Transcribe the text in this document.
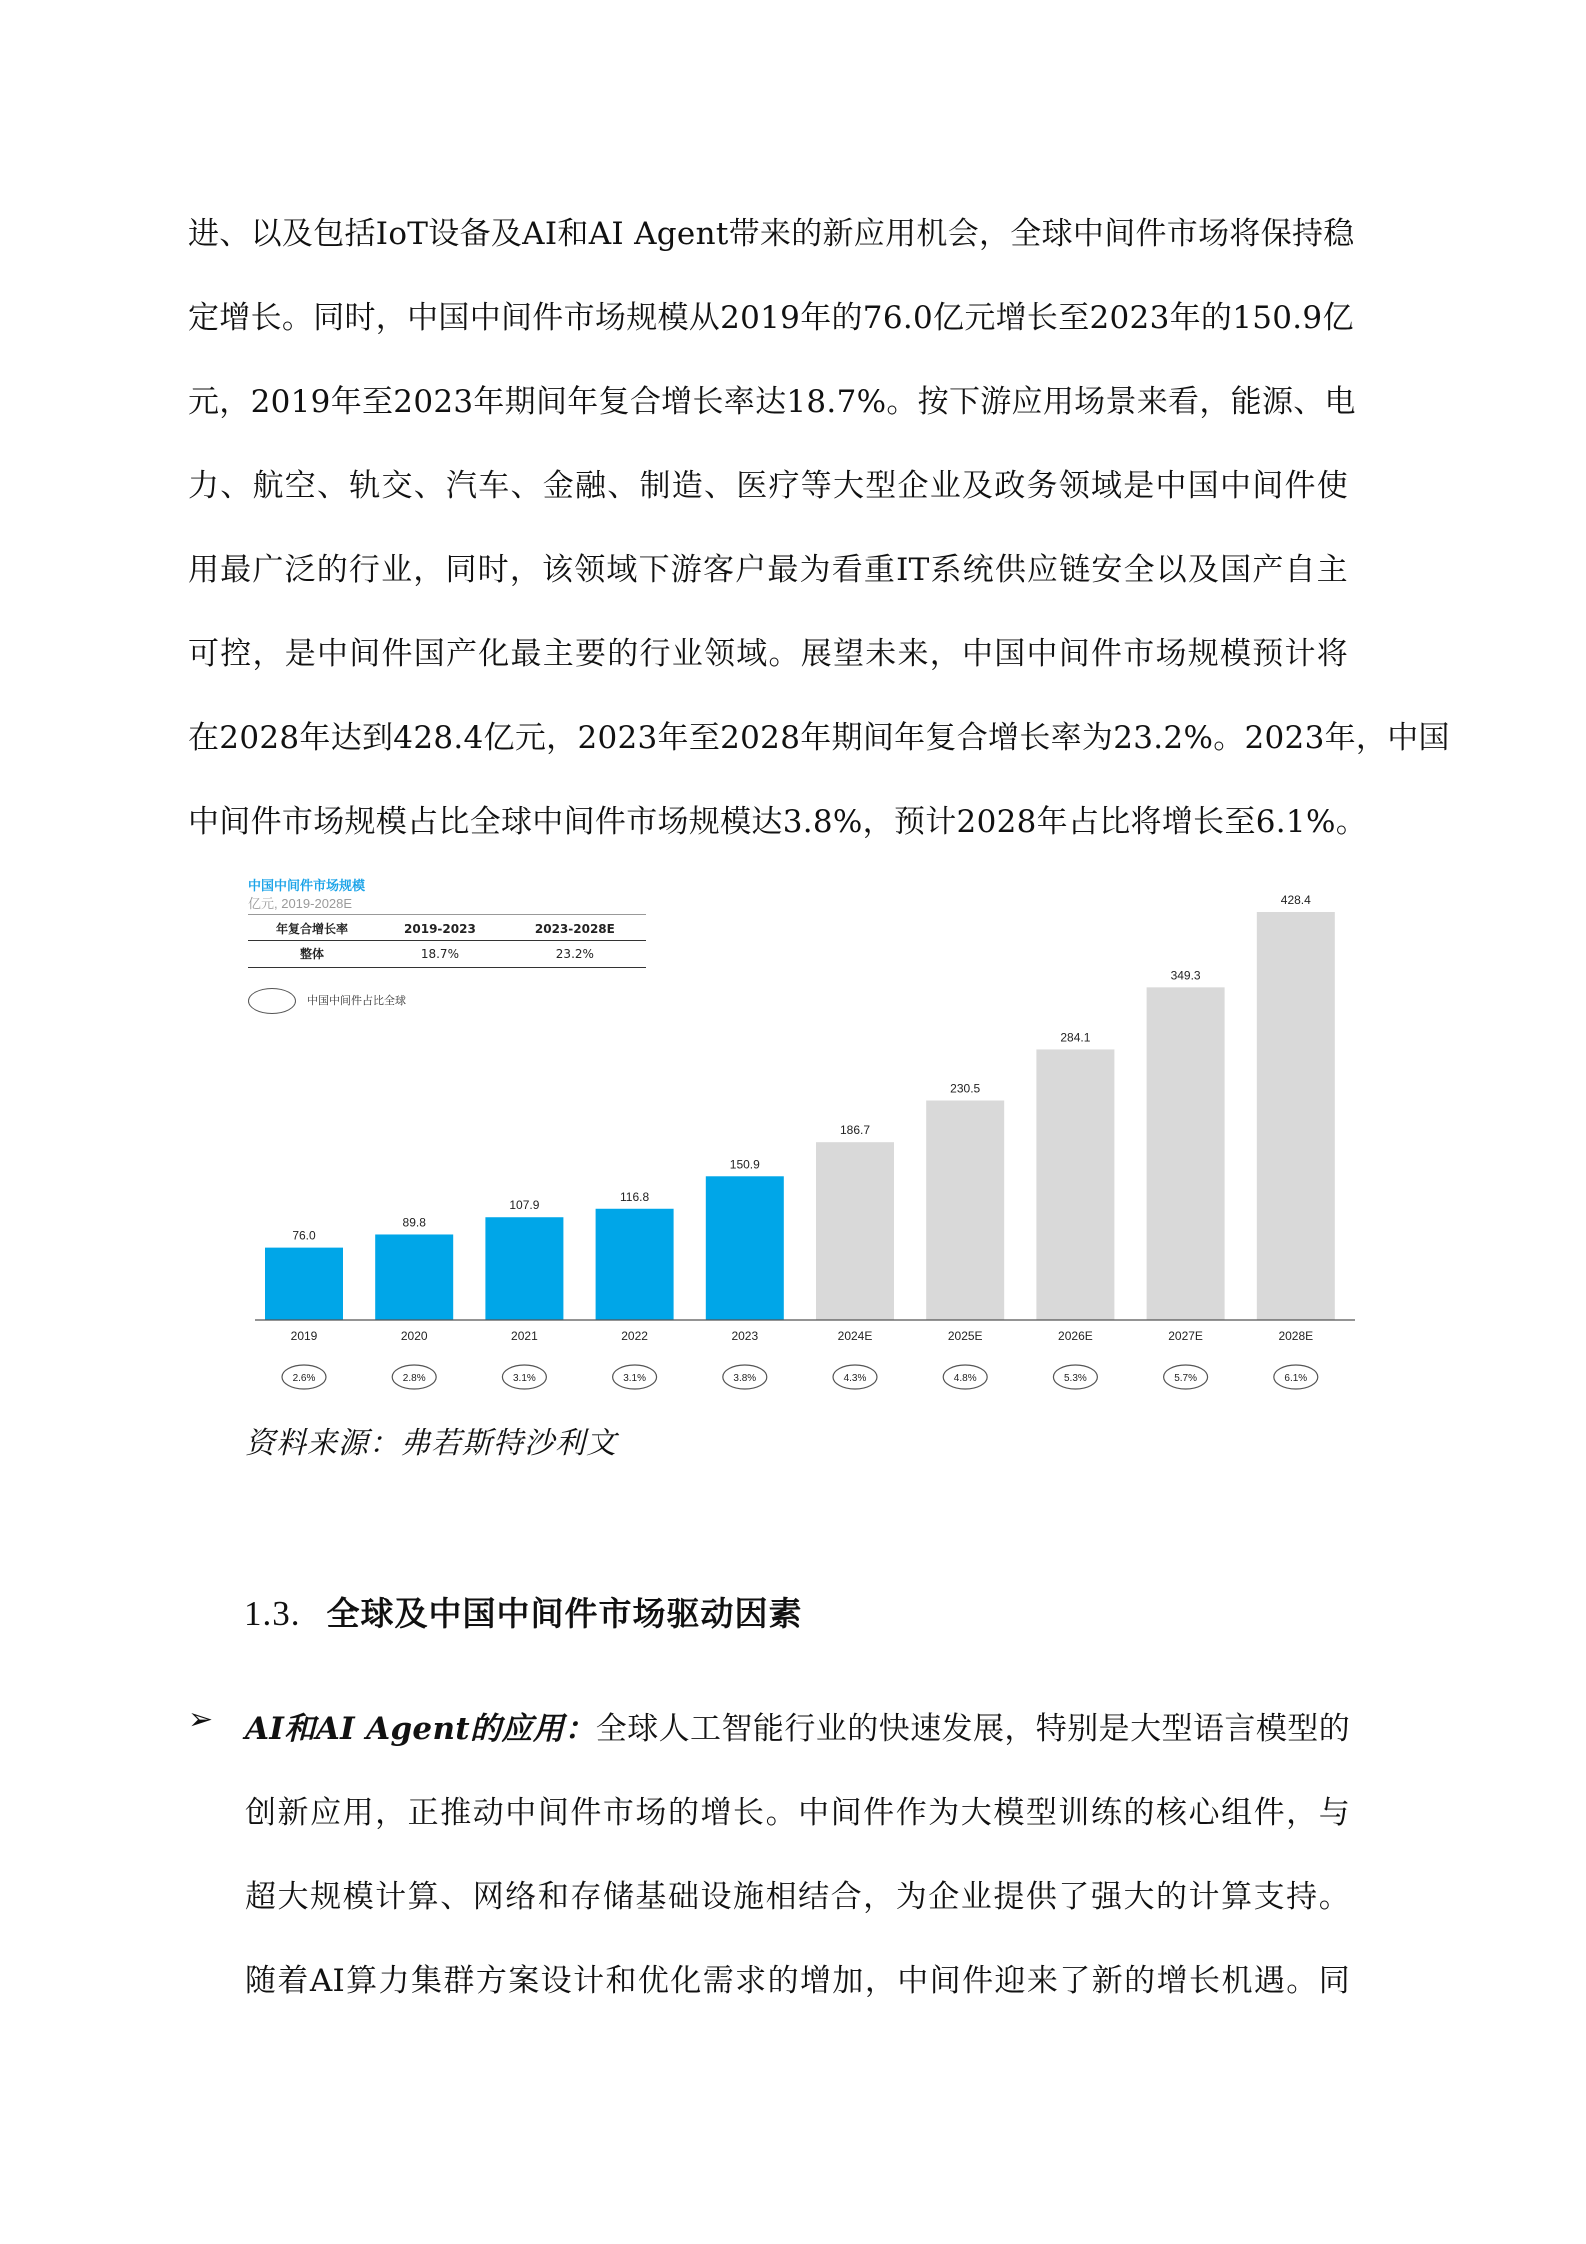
进、以及包括IoT设备及AI和AI Agent带来的新应用机会，全球中间件市场将保持稳
定增长。同时，中国中间件市场规模从2019年的76.0亿元增长至2023年的150.9亿
元，2019年至2023年期间年复合增长率达18.7%。按下游应用场景来看，能源、电
力、航空、轨交、汽车、金融、制造、医疗等大型企业及政务领域是中国中间件使
用最广泛的行业，同时，该领域下游客户最为看重IT系统供应链安全以及国产自主
可控，是中间件国产化最主要的行业领域。展望未来，中国中间件市场规模预计将
在2028年达到428.4亿元，2023年至2028年期间年复合增长率为23.2%。2023年，中国
中间件市场规模占比全球中间件市场规模达3.8%，预计2028年占比将增长至6.1%。
中国中间件市场规模
亿元, 2019-2028E
年复合增长率	2019-2023	2023-2028E
整体	18.7%	23.2%
中国中间件占比全球
76.0
2019
2.6%
89.8
2020
2.8%
107.9
2021
3.1%
116.8
2022
3.1%
150.9
2023
3.8%
186.7
2024E
4.3%
230.5
2025E
4.8%
284.1
2026E
5.3%
349.3
2027E
5.7%
428.4
2028E
6.1%
资料来源：弗若斯特沙利文
1.3. 全球及中国中间件市场驱动因素
➢ AI和AI Agent的应用：全球人工智能行业的快速发展，特别是大型语言模型的
创新应用，正推动中间件市场的增长。中间件作为大模型训练的核心组件，与
超大规模计算、网络和存储基础设施相结合，为企业提供了强大的计算支持。
随着AI算力集群方案设计和优化需求的增加，中间件迎来了新的增长机遇。同
